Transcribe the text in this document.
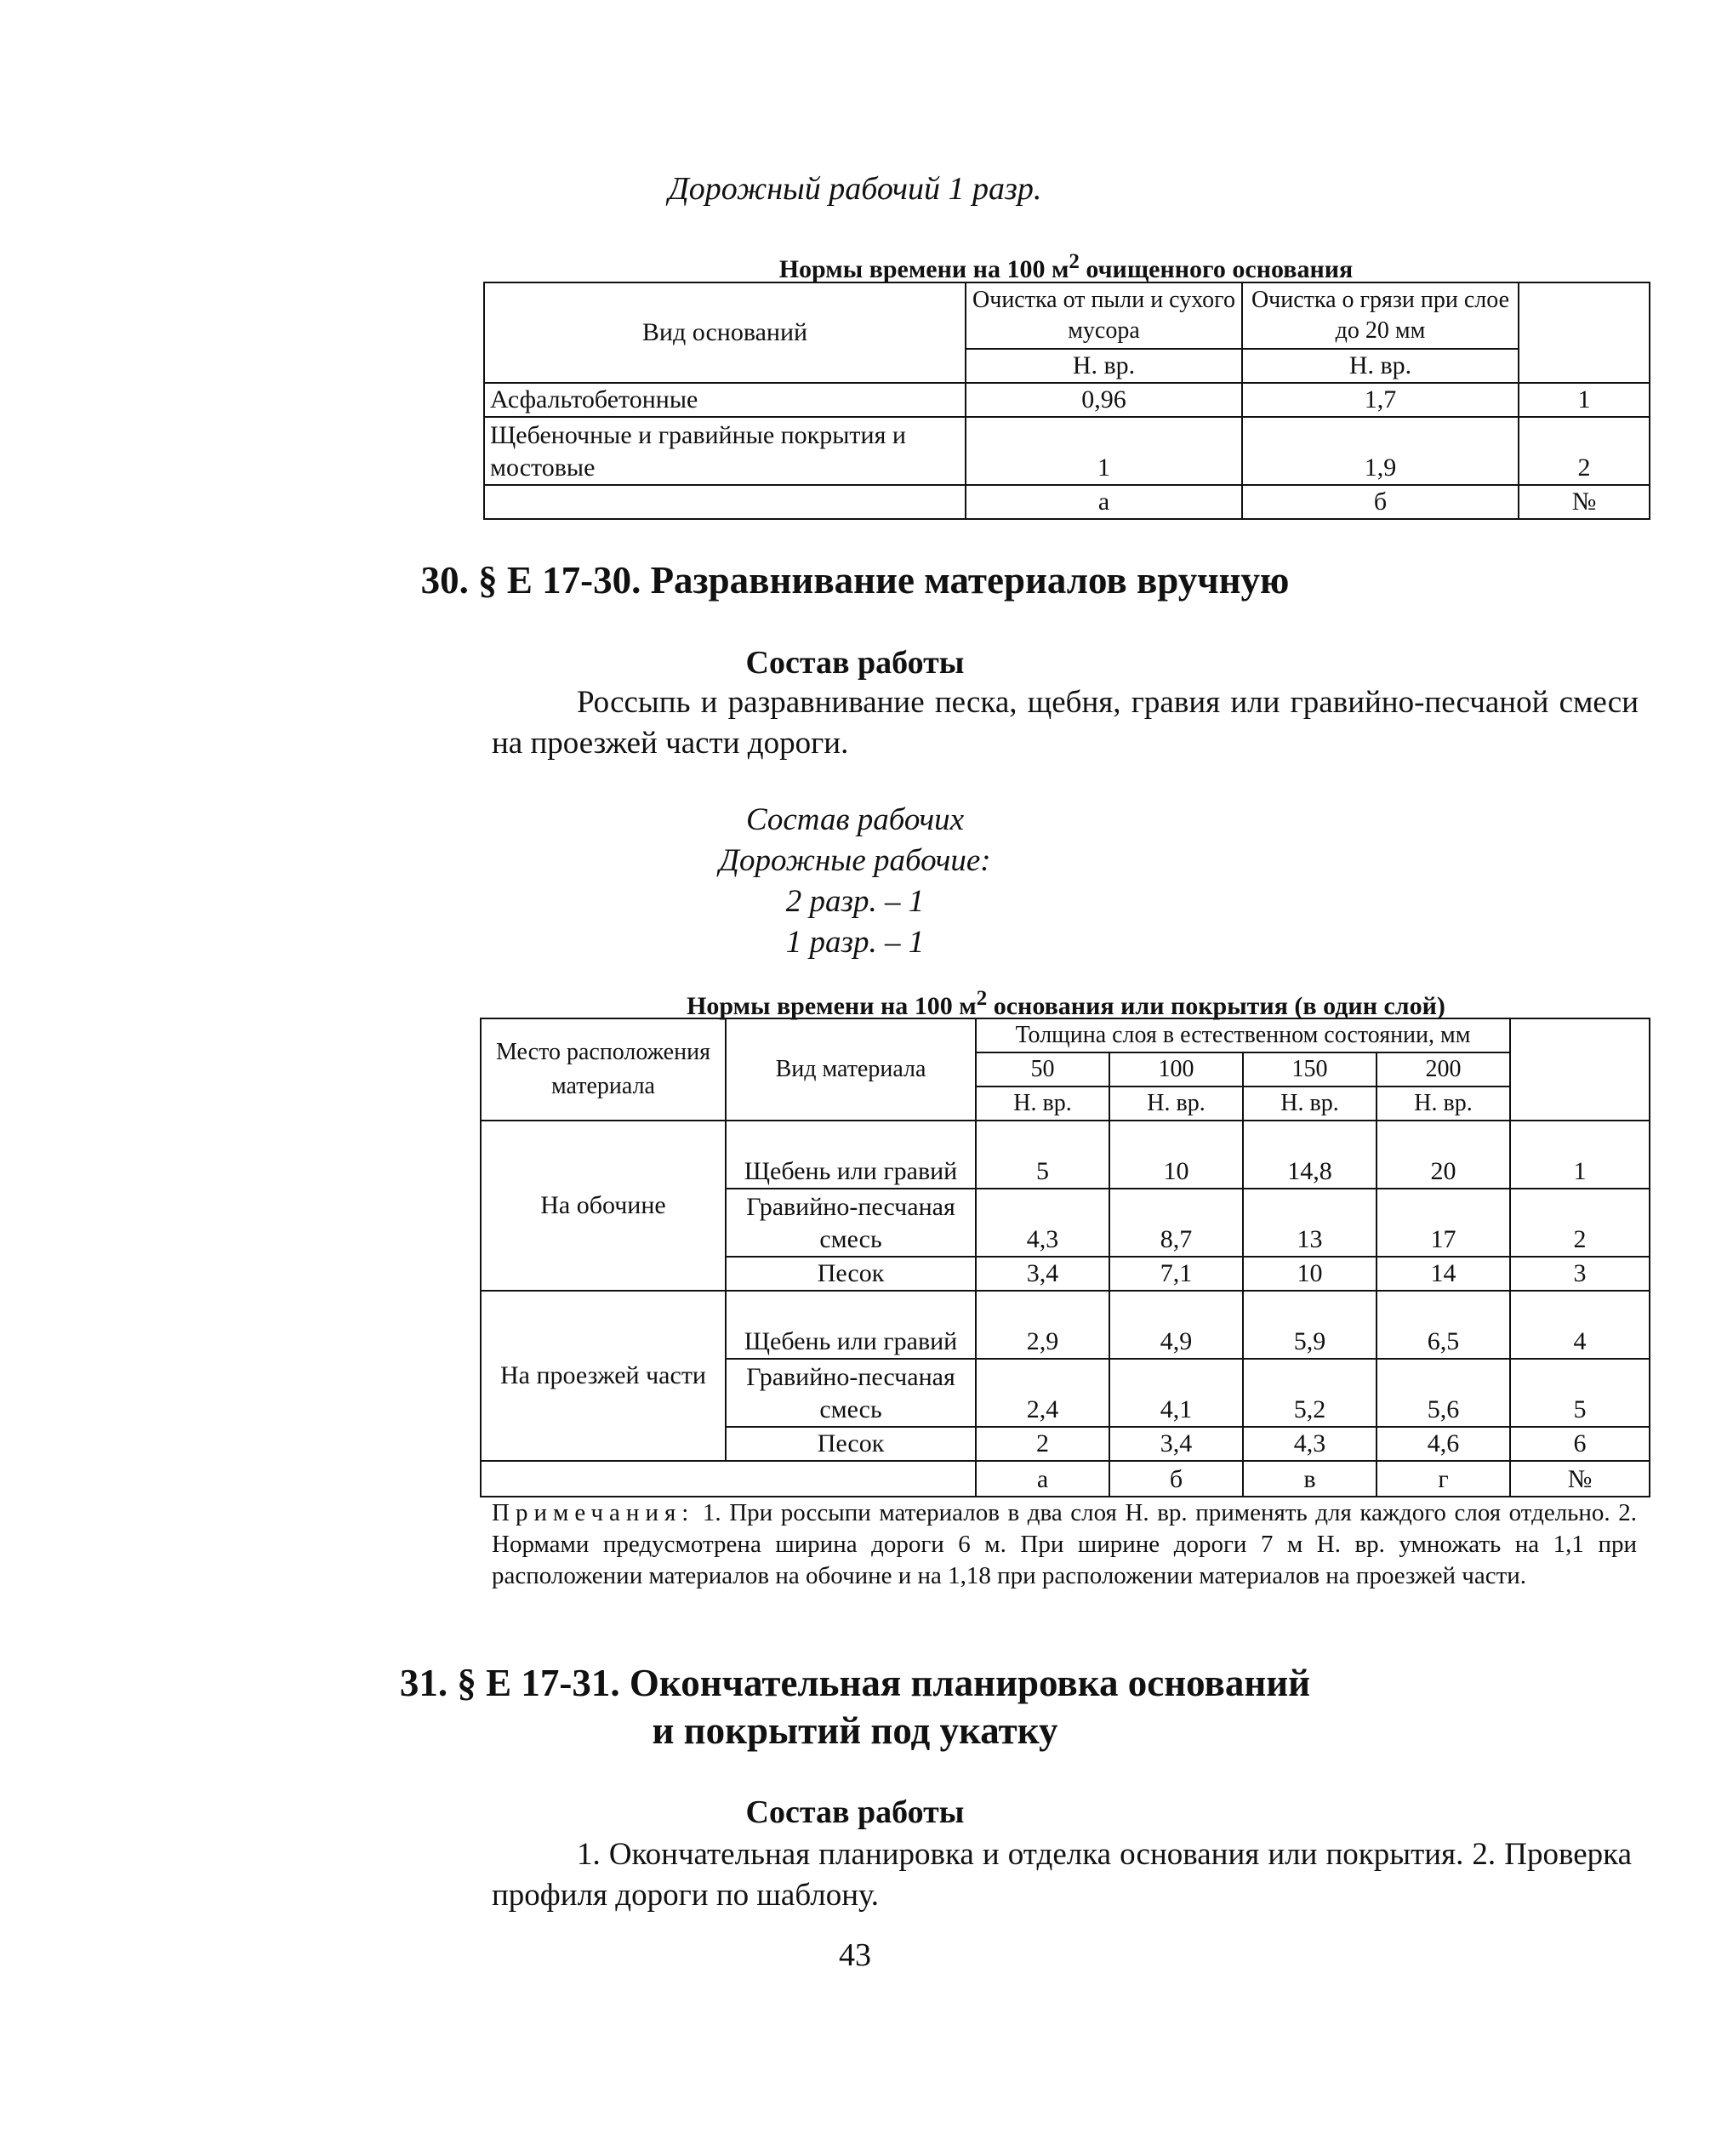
Дорожный рабочий 1 разр.
Нормы времени на 100 $м^2$ очищенного основания
Вид оснований	Очистка от пыли и сухого мусора	Очистка о грязи при слое до 20 мм	
	Н. вр.	Н. вр.	
Асфальтобетонные	0,96	1,7	1
Щебеночные и гравийные покрытия и мостовые	1	1,9	2
	а	б	№
30. § Е 17-30. Разравнивание материалов вручную
Состав работы
Россыпь и разравнивание песка, щебня, гравия или гравийно-песчаной смеси на проезжей части дороги.
Состав рабочих
Дорожные рабочие:
2 разр. – 1
1 разр. – 1
Нормы времени на 100 $м^2$ основания или покрытия (в один слой)
Место расположения материала	Вид материала	Толщина слоя в естественном состоянии, мм				
		50	100	150	200	
		Н. вр.	Н. вр.	Н. вр.	Н. вр.	
На обочине	Щебень или гравий	5	10	14,8	20	1
	Гравийно-песчаная смесь	4,3	8,7	13	17	2
	Песок	3,4	7,1	10	14	3
На проезжей части	Щебень или гравий	2,9	4,9	5,9	6,5	4
	Гравийно-песчаная смесь	2,4	4,1	5,2	5,6	5
	Песок	2	3,4	4,3	4,6	6
		а	б	в	г	№
Примечания: 1. При россыпи материалов в два слоя Н. вр. применять для каждого слоя отдельно. 2. Нормами предусмотрена ширина дороги 6 м. При ширине дороги 7 м Н. вр. умножать на 1,1 при расположении материалов на обочине и на 1,18 при расположении материалов на проезжей части.
31. § Е 17-31. Окончательная планировка оснований
и покрытий под укатку
Состав работы
1. Окончательная планировка и отделка основания или покрытия. 2. Проверка профиля дороги по шаблону.
43
